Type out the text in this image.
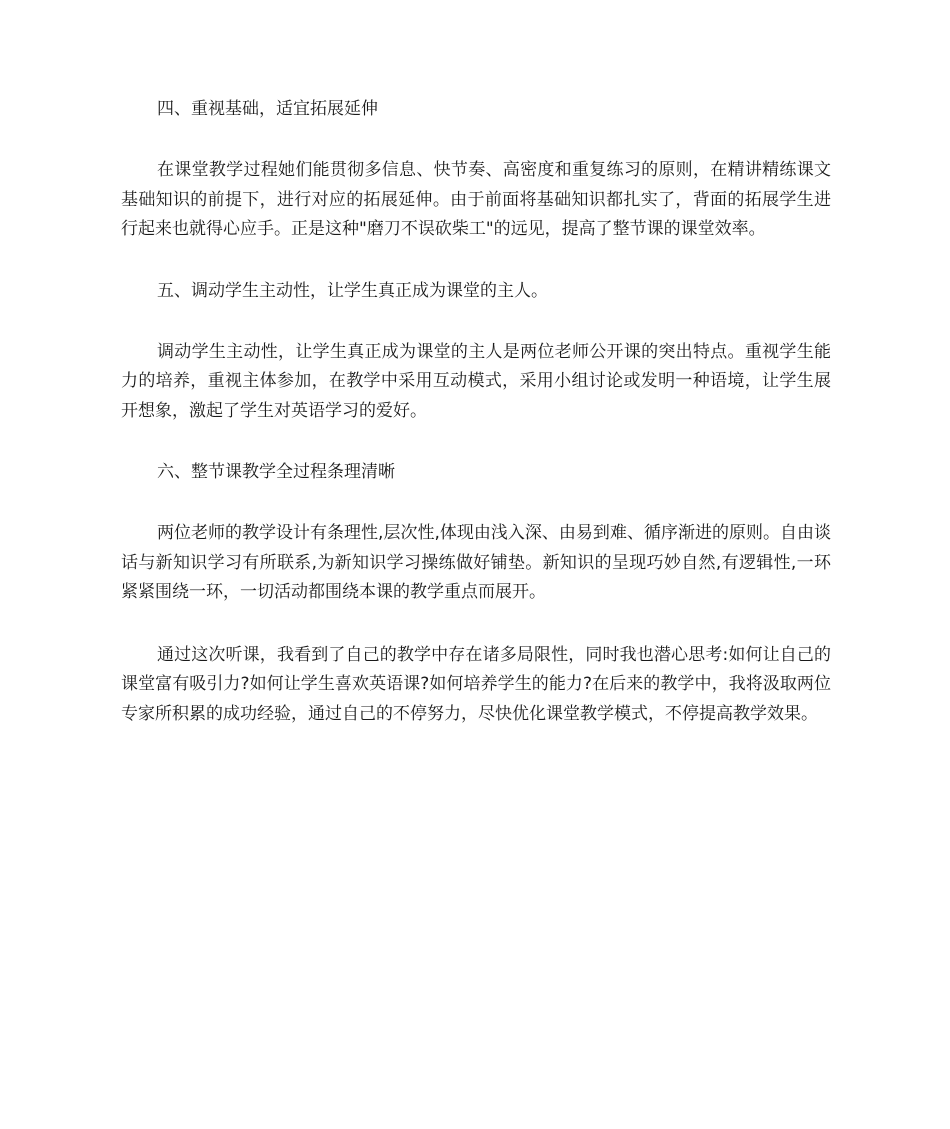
四、重视基础，适宜拓展延伸

在课堂教学过程她们能贯彻多信息、快节奏、高密度和重复练习的原则，在精讲精练课文基础知识的前提下，进行对应的拓展延伸。由于前面将基础知识都扎实了，背面的拓展学生进行起来也就得心应手。正是这种"磨刀不误砍柴工"的远见，提高了整节课的课堂效率。

五、调动学生主动性，让学生真正成为课堂的主人。

调动学生主动性，让学生真正成为课堂的主人是两位老师公开课的突出特点。重视学生能力的培养，重视主体参加，在教学中采用互动模式，采用小组讨论或发明一种语境，让学生展开想象，激起了学生对英语学习的爱好。

六、整节课教学全过程条理清晰

两位老师的教学设计有条理性,层次性,体现由浅入深、由易到难、循序渐进的原则。自由谈话与新知识学习有所联系,为新知识学习操练做好铺垫。新知识的呈现巧妙自然,有逻辑性,一环紧紧围绕一环，一切活动都围绕本课的教学重点而展开。

通过这次听课，我看到了自己的教学中存在诸多局限性，同时我也潜心思考:如何让自己的课堂富有吸引力?如何让学生喜欢英语课?如何培养学生的能力?在后来的教学中，我将汲取两位专家所积累的成功经验，通过自己的不停努力，尽快优化课堂教学模式，不停提高教学效果。
